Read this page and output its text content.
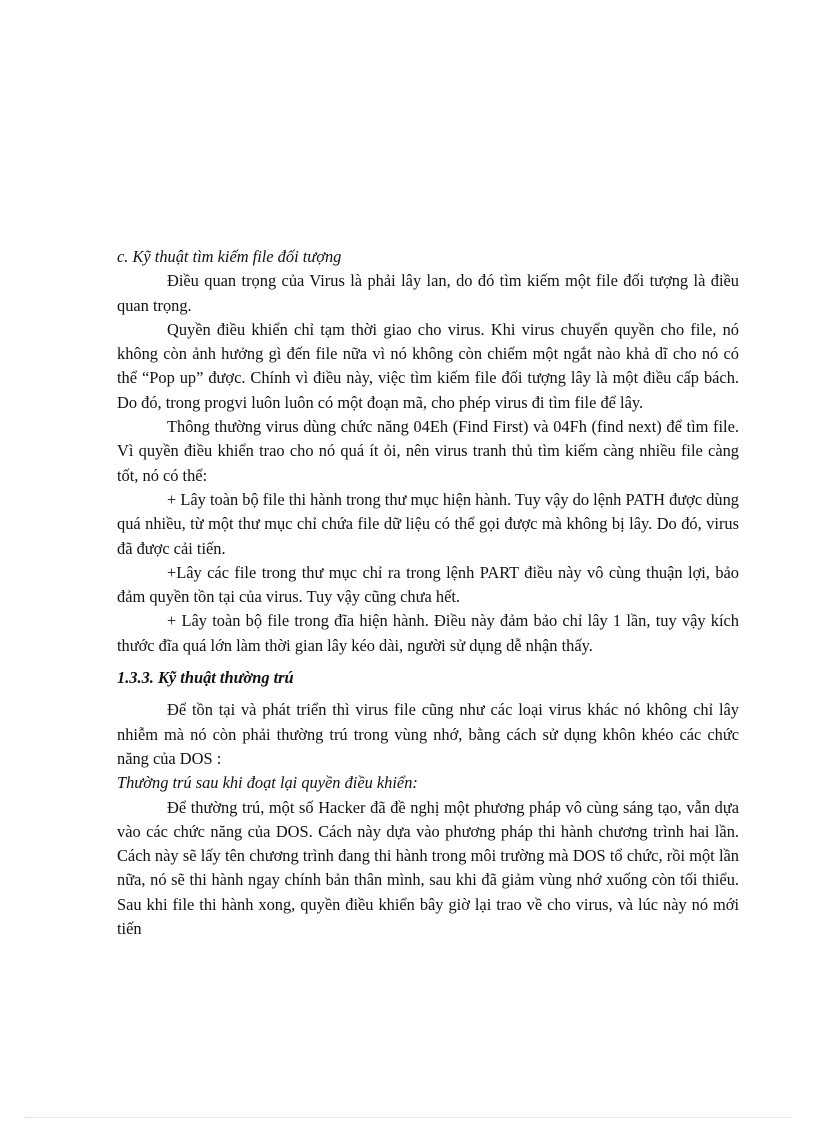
c. Kỹ thuật tìm kiếm file đối tượng

Điều quan trọng của Virus là phải lây lan, do đó tìm kiếm một file đối tượng là điều quan trọng.

Quyền điều khiển chỉ tạm thời giao cho virus. Khi virus chuyển quyền cho file, nó không còn ảnh hưởng gì đến file nữa vì nó không còn chiếm một ngắt nào khả dĩ cho nó có thể “Pop up” được. Chính vì điều này, việc tìm kiếm file đối tượng lây là một điều cấp bách. Do đó, trong progvi luôn luôn có một đoạn mã, cho phép virus đi tìm file để lây.

Thông thường virus dùng chức năng 04Eh (Find First) và 04Fh (find next) để tìm file. Vì quyền điều khiển trao cho nó quá ít ỏi, nên virus tranh thủ tìm kiếm càng nhiều file càng tốt, nó có thể:

+ Lây toàn bộ file thi hành trong thư mục hiện hành. Tuy vậy do lệnh PATH được dùng quá nhiều, từ một thư mục chỉ chứa file dữ liệu có thể gọi được mà không bị lây. Do đó, virus đã được cải tiến.

+Lây các file trong thư mục chỉ ra trong lệnh PART điều này vô cùng thuận lợi, bảo đảm quyền tồn tại của virus. Tuy vậy cũng chưa hết.

+ Lây toàn bộ file trong đĩa hiện hành. Điều này đảm bảo chỉ lây 1 lần, tuy vậy kích thước đĩa quá lớn làm thời gian lây kéo dài, người sử dụng dễ nhận thấy.

1.3.3. Kỹ thuật thường trú

Để tồn tại và phát triển thì virus file cũng như các loại virus khác nó không chỉ lây nhiễm mà nó còn phải thường trú trong vùng nhớ, bằng cách sử dụng khôn khéo các chức năng của DOS :

Thường trú sau khi đoạt lại quyền điều khiển:

Để thường trú, một số Hacker đã đề nghị một phương pháp vô cùng sáng tạo, vẫn dựa vào các chức năng của DOS. Cách này dựa vào phương pháp thi hành chương trình hai lần. Cách này sẽ lấy tên chương trình đang thi hành trong môi trường mà DOS tổ chức, rồi một lần nữa, nó sẽ thi hành ngay chính bản thân mình, sau khi đã giảm vùng nhớ xuống còn tối thiểu. Sau khi file thi hành xong, quyền điều khiển bây giờ lại trao về cho virus, và lúc này nó mới tiến
